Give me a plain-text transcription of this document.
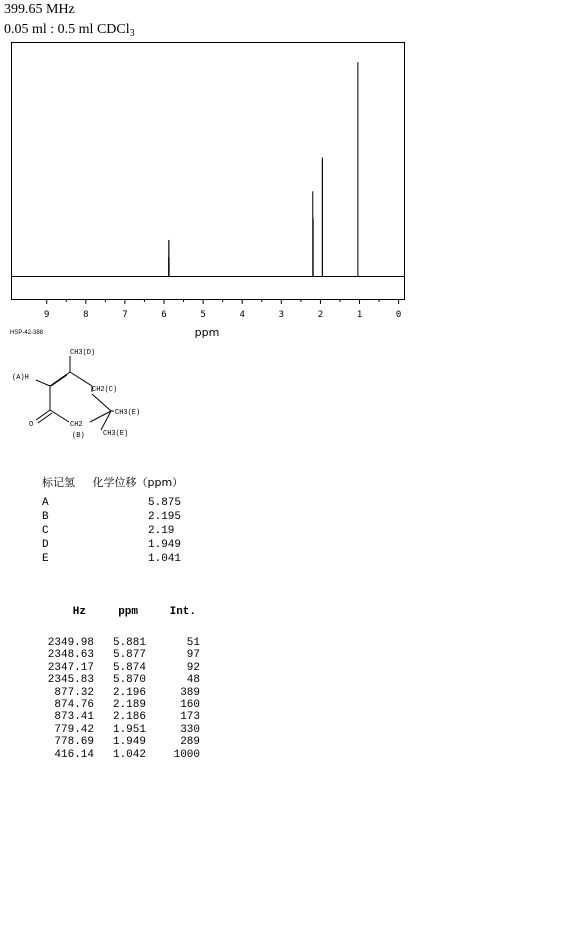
399.65 MHz
0.05 ml : 0.5 ml CDCl$_3$
9	8	7	6	5	4	3	2	1	0
ppm
HSP-42-388
CH3(D)
(A)H
CH2(C)
CH3(E)
O	CH2
(B)	CH3(E)
标记氢 化学位移（ppm）
A	5.875
B	2.195
C	2.19
D	1.949
E	1.041
Hz	ppm	Int.
2349.98 5.881	51
2348.63 5.877	97
2347.17 5.874	92
2345.83 5.870	48
877.32 2.196	389
874.76 2.189	160
873.41 2.186	173
779.42 1.951	330
778.69 1.949	289
416.14 1.042	1000
